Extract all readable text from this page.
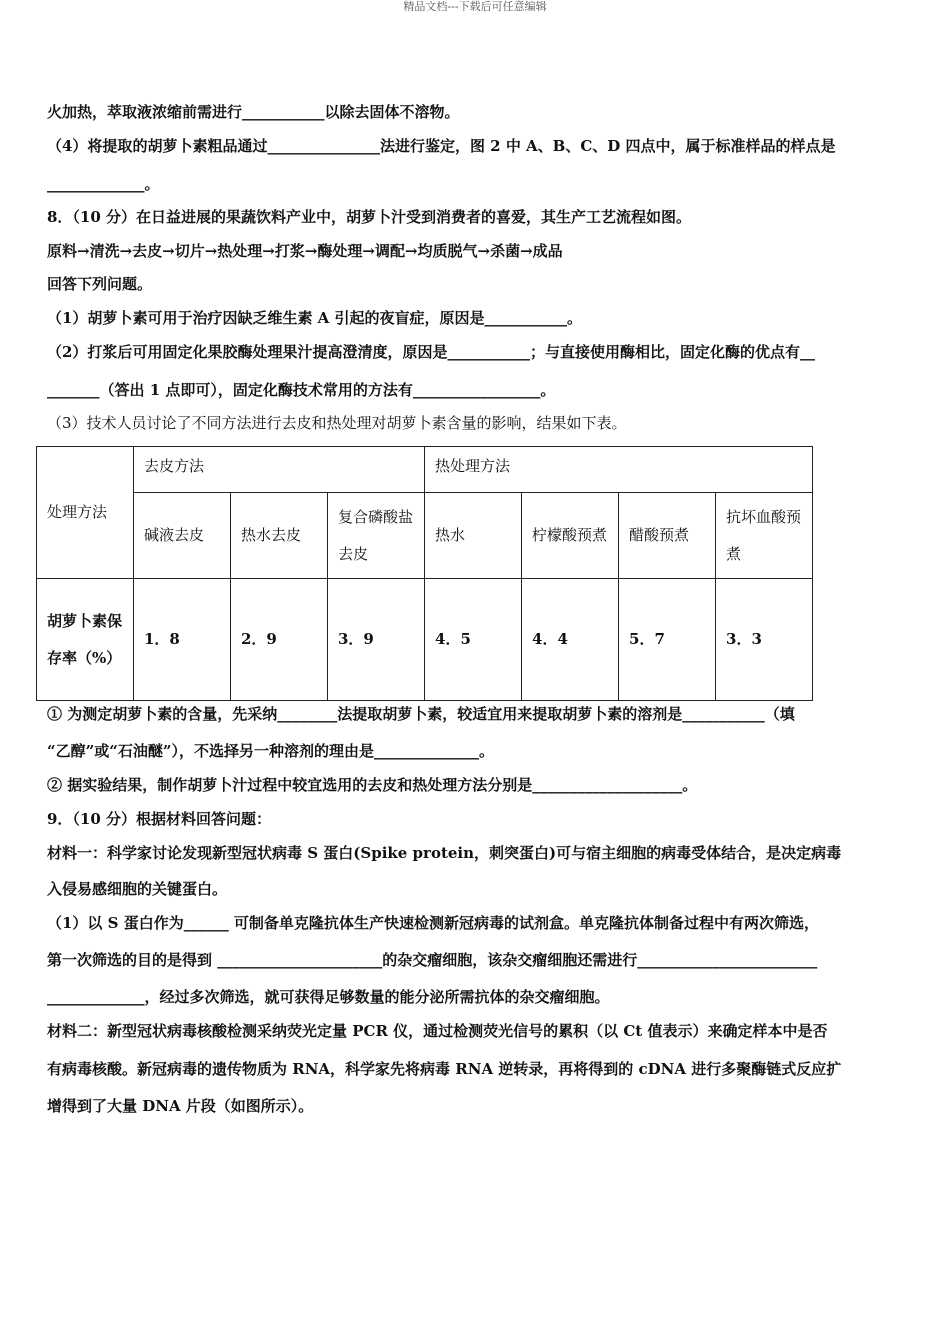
精品文档---下载后可任意编辑
火加热，萃取液浓缩前需进行___________以除去固体不溶物。
（4）将提取的胡萝卜素粗品通过_______________法进行鉴定，图 2 中 A、B、C、D 四点中，属于标准样品的样点是
_____________。
8．（10 分）在日益进展的果蔬饮料产业中，胡萝卜汁受到消费者的喜爱，其生产工艺流程如图。
原料→清洗→去皮→切片→热处理→打浆→酶处理→调配→均质脱气→杀菌→成品
回答下列问题。
（1）胡萝卜素可用于治疗因缺乏维生素 A 引起的夜盲症，原因是___________。
（2）打浆后可用固定化果胶酶处理果汁提高澄清度，原因是___________；与直接使用酶相比，固定化酶的优点有__
_______（答出 1 点即可），固定化酶技术常用的方法有_________________。
（3）技术人员讨论了不同方法进行去皮和热处理对胡萝卜素含量的影响，结果如下表。
处理方法	去皮方法			热处理方法			
	碱液去皮	热水去皮	复合磷酸盐去皮	热水	柠檬酸预煮	醋酸预煮	抗坏血酸预煮
胡萝卜素保存率（%）	1．8	2．9	3．9	4．5	4．4	5．7	3．3
① 为测定胡萝卜素的含量，先采纳________法提取胡萝卜素，较适宜用来提取胡萝卜素的溶剂是___________（填
“乙醇”或“石油醚”），不选择另一种溶剂的理由是______________。
② 据实验结果，制作胡萝卜汁过程中较宜选用的去皮和热处理方法分别是____________________。
9．（10 分）根据材料回答问题：
材料一：科学家讨论发现新型冠状病毒 S 蛋白(Spike protein，刺突蛋白)可与宿主细胞的病毒受体结合，是决定病毒
入侵易感细胞的关键蛋白。
（1）以 S 蛋白作为______ 可制备单克隆抗体生产快速检测新冠病毒的试剂盒。单克隆抗体制备过程中有两次筛选，
第一次筛选的目的是得到 ______________________的杂交瘤细胞，该杂交瘤细胞还需进行________________________
_____________，经过多次筛选，就可获得足够数量的能分泌所需抗体的杂交瘤细胞。
材料二：新型冠状病毒核酸检测采纳荧光定量 PCR 仪，通过检测荧光信号的累积（以 Ct 值表示）来确定样本中是否
有病毒核酸。新冠病毒的遗传物质为 RNA，科学家先将病毒 RNA 逆转录，再将得到的 cDNA 进行多聚酶链式反应扩
增得到了大量 DNA 片段（如图所示）。
